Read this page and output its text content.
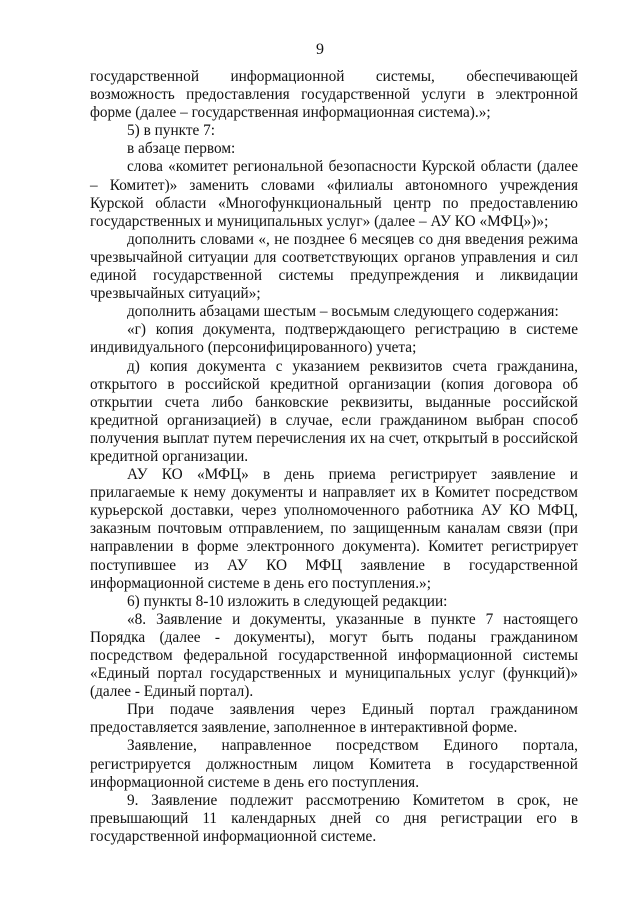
9

государственной информационной системы, обеспечивающей возможность предоставления государственной услуги в электронной форме (далее – государственная информационная система).»;

5) в пункте 7:

в абзаце первом:

слова «комитет региональной безопасности Курской области (далее – Комитет)» заменить словами «филиалы автономного учреждения Курской области «Многофункциональный центр по предоставлению государственных и муниципальных услуг» (далее – АУ КО «МФЦ»)»;

дополнить словами «, не позднее 6 месяцев со дня введения режима чрезвычайной ситуации для соответствующих органов управления и сил единой государственной системы предупреждения и ликвидации чрезвычайных ситуаций»;

дополнить абзацами шестым – восьмым следующего содержания:

«г) копия документа, подтверждающего регистрацию в системе индивидуального (персонифицированного) учета;

д) копия документа с указанием реквизитов счета гражданина, открытого в российской кредитной организации (копия договора об открытии счета либо банковские реквизиты, выданные российской кредитной организацией) в случае, если гражданином выбран способ получения выплат путем перечисления их на счет, открытый в российской кредитной организации.

АУ КО «МФЦ» в день приема регистрирует заявление и прилагаемые к нему документы и направляет их в Комитет посредством курьерской доставки, через уполномоченного работника АУ КО МФЦ, заказным почтовым отправлением, по защищенным каналам связи (при направлении в форме электронного документа). Комитет регистрирует поступившее из АУ КО МФЦ заявление в государственной информационной системе в день его поступления.»;

6) пункты 8-10 изложить в следующей редакции:

«8. Заявление и документы, указанные в пункте 7 настоящего Порядка (далее - документы), могут быть поданы гражданином посредством федеральной государственной информационной системы «Единый портал государственных и муниципальных услуг (функций)» (далее - Единый портал).

При подаче заявления через Единый портал гражданином предоставляется заявление, заполненное в интерактивной форме.

Заявление, направленное посредством Единого портала, регистрируется должностным лицом Комитета в государственной информационной системе в день его поступления.

9. Заявление подлежит рассмотрению Комитетом в срок, не превышающий 11 календарных дней со дня регистрации его в государственной информационной системе.
